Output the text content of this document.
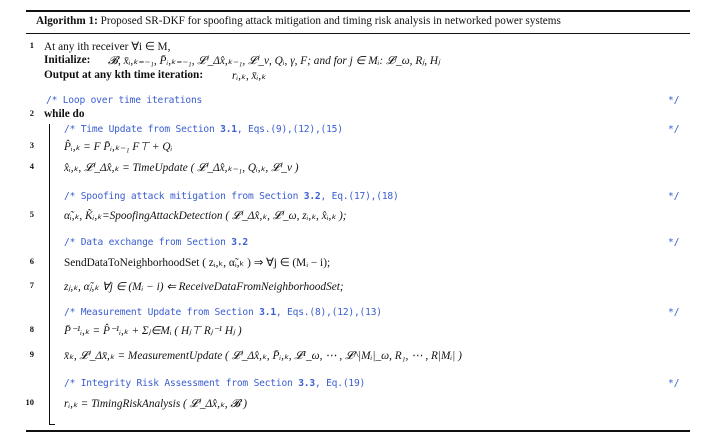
Algorithm 1: Proposed SR-DKF for spoofing attack mitigation and timing risk analysis in networked power systems
1 At any ith receiver ∀i ∈ M,
Initialize: 𝓑, x̄ᵢ,ₖ₌₋₁, P̄ᵢ,ₖ₌₋₁, 𝓛ⁱ_Δx̂,ₖ₋₁, 𝓛ⁱ_ν, Qᵢ, γ, F; and for j ∈ Mᵢ: 𝓛ʲ_ω, Rⱼ, Hⱼ
Output at any kth time iteration:	rᵢ,ₖ, x̄ᵢ,ₖ
/* Loop over time iterations	*/
2 while do
/* Time Update from Section 3.1, Eqs.(9),(12),(15)	*/
3	P̂ᵢ,ₖ = F P̄ᵢ,ₖ₋₁ F⊤ + Qᵢ
4	x̂ᵢ,ₖ, 𝓛ⁱ_Δx̂,ₖ = TimeUpdate ( 𝓛ⁱ_Δx̂,ₖ₋₁, Qᵢ,ₖ, 𝓛ⁱ_ν )
/* Spoofing attack mitigation from Section 3.2, Eq.(17),(18)	*/
5	α̃ᵢ,ₖ, K̃ᵢ,ₖ=SpoofingAttackDetection ( 𝓛ⁱ_Δx̂,ₖ, 𝓛ⁱ_ω, zᵢ,ₖ, x̂ᵢ,ₖ );
/* Data exchange from Section 3.2	*/
6	SendDataToNeighborhoodSet ( zᵢ,ₖ, α̃ᵢ,ₖ ) ⇒ ∀j ∈ (Mᵢ − i);
7	zⱼ,ₖ, α̃ⱼ,ₖ ∀j ∈ (Mᵢ − i) ⇐ ReceiveDataFromNeighborhoodSet;
/* Measurement Update from Section 3.1, Eqs.(8),(12),(13)	*/
8	P̄⁻¹ᵢ,ₖ = P̂⁻¹ᵢ,ₖ + Σⱼ∈Mᵢ ( Hⱼ⊤ Rⱼ⁻¹ Hⱼ )
9	x̄ₖ, 𝓛ⁱ_Δx̄,ₖ = MeasurementUpdate ( 𝓛ⁱ_Δx̂,ₖ, P̄ᵢ,ₖ, 𝓛¹_ω, ⋯ , 𝓛^|Mᵢ|_ω, R₁, ⋯ , R|Mᵢ| )
/* Integrity Risk Assessment from Section 3.3, Eq.(19)	*/
10	rᵢ,ₖ = TimingRiskAnalysis ( 𝓛ⁱ_Δx̂,ₖ, 𝓑 )
